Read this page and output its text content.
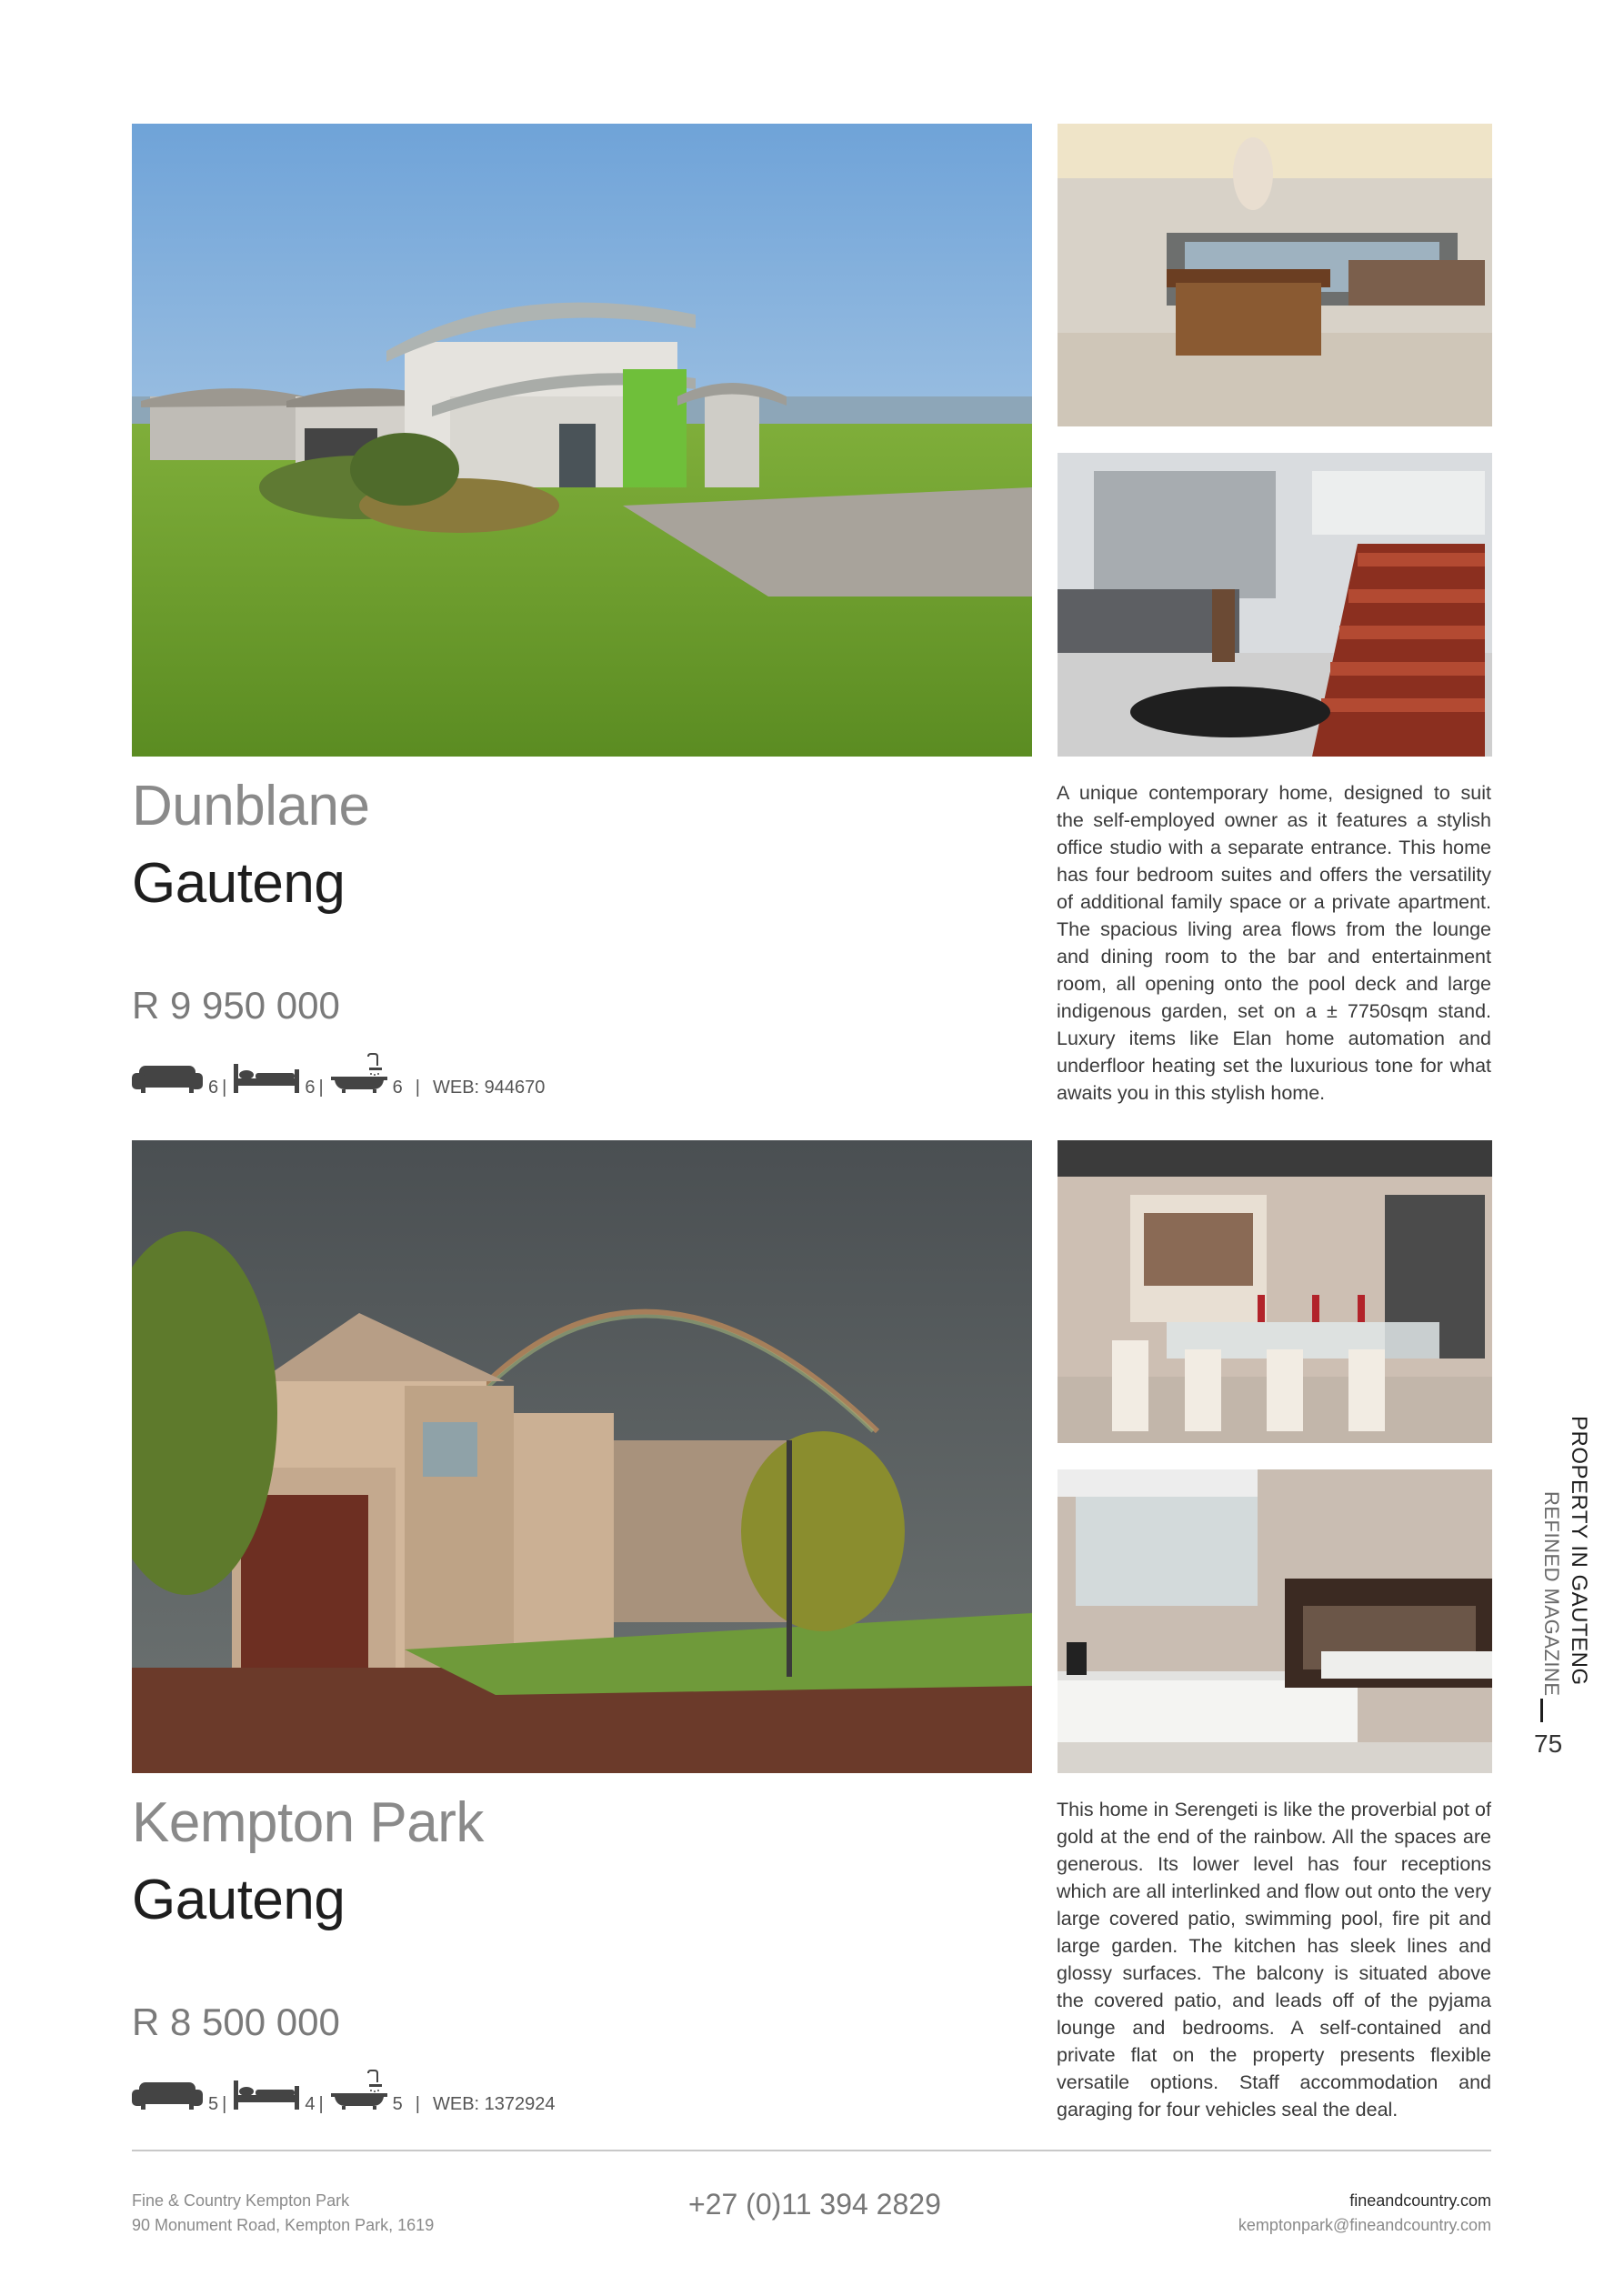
Dunblane
Gauteng
R 9 950 000
6 |	6 |	6 | WEB: 944670
A unique contemporary home, designed to suit the self-employed owner as it features a stylish office studio with a separate entrance. This home has four bedroom suites and offers the versatility of additional family space or a private apartment. The spacious living area flows from the lounge and dining room to the bar and entertainment room, all opening onto the pool deck and large indigenous garden, set on a ± 7750sqm stand. Luxury items like Elan home automation and underfloor heating set the luxurious tone for what awaits you in this stylish home.
Kempton Park
Gauteng
R 8 500 000
5 |	4 |	5 | WEB: 1372924
This home in Serengeti is like the proverbial pot of gold at the end of the rainbow. All the spaces are generous. Its lower level has four receptions which are all interlinked and flow out onto the very large covered patio, swimming pool, fire pit and large garden. The kitchen has sleek lines and glossy surfaces. The balcony is situated above the covered patio, and leads off of the pyjama lounge and bedrooms. A self-contained and private flat on the property presents flexible versatile options. Staff accommodation and garaging for four vehicles seal the deal.
PROPERTY IN GAUTENG
REFINED MAGAZINE
75
Fine & Country Kempton Park
90 Monument Road, Kempton Park, 1619
+27 (0)11 394 2829	fineandcountry.com
kemptonpark@fineandcountry.com
